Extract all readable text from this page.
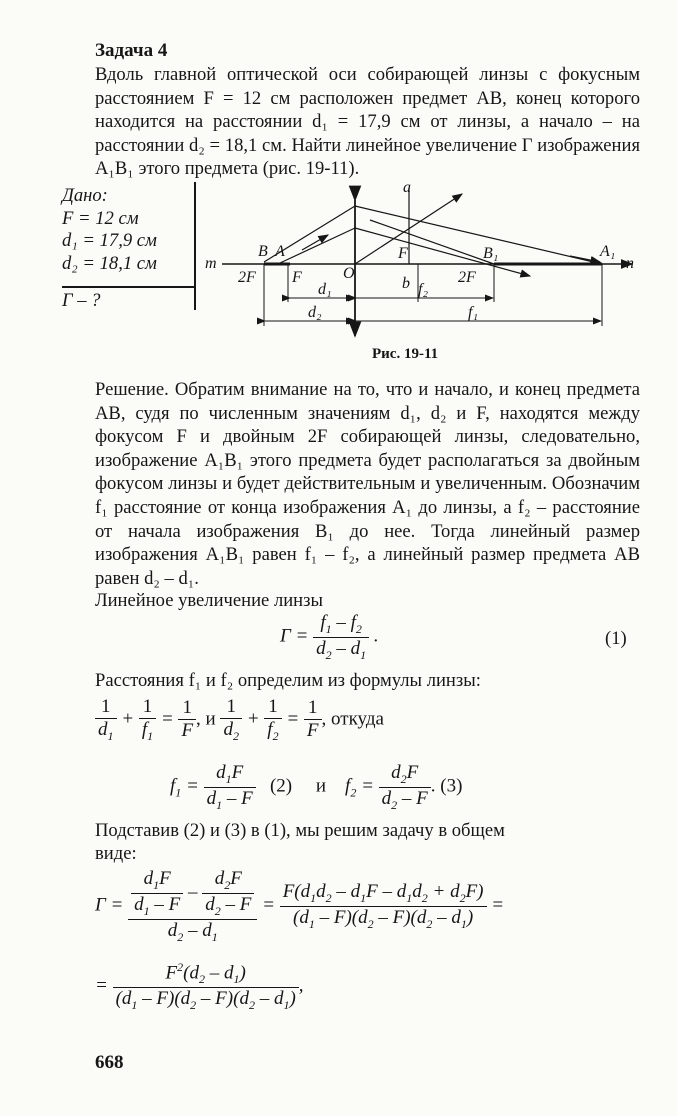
Задача 4
Вдоль главной оптической оси собирающей линзы с фокусным расстоянием F = 12 см расположен предмет AB, конец которого находится на расстоянии d₁ = 17,9 см от линзы, а начало – на расстоянии d₂ = 18,1 см. Найти линейное увеличение Г изображения A₁B₁ этого предмета (рис. 19-11).
Дано:
F = 12 см
d₁ = 17,9 см
d₂ = 18,1 см
Г – ?
a
m	n
B A
O
F	B₁	A₁
2F F	b	2F
d₁	f₂
d₂	f₁
Рис. 19-11
Решение. Обратим внимание на то, что и начало, и конец предмета AB, судя по численным значениям d₁, d₂ и F, находятся между фокусом F и двойным 2F собирающей линзы, следовательно, изображение A₁B₁ этого предмета будет располагаться за двойным фокусом линзы и будет действительным и увеличенным. Обозначим f₁ расстояние от конца изображения A₁ до линзы, а f₂ – расстояние от начала изображения B₁ до нее. Тогда линейный размер изображения A₁B₁ равен f₁ – f₂, а линейный размер предмета AB равен d₂ – d₁.
Линейное увеличение линзы
$Г = \frac{f_1 - f_2}{d_2 - d_1}$ .	(1)
Расстояния f₁ и f₂ определим из формулы линзы:
$\frac{1}{d_1} + \frac{1}{f_1} = \frac{1}{F}$ , и $\frac{1}{d_2} + \frac{1}{f_2} = \frac{1}{F}$ , откуда
$f_1 = \frac{d_1F}{d_1 - F} (2)$ и $f_2 = \frac{d_2F}{d_2 - F}$ . (3)
Подставив (2) и (3) в (1), мы решим задачу в общем
виде:
$Г = \frac{\frac{d_1F}{d_1 - F} - \frac{d_2F}{d_2 - F}}{d_2 - d_1} = \frac{F(d_1d_2 - d_1F - d_1d_2 + d_2F)}{(d_1 - F)(d_2 - F)(d_2 - d_1)}$ =
= $\frac{F^2(d_2 - d_1)}{(d_1 - F)(d_2 - F)(d_2 - d_1)}$ ,
668
